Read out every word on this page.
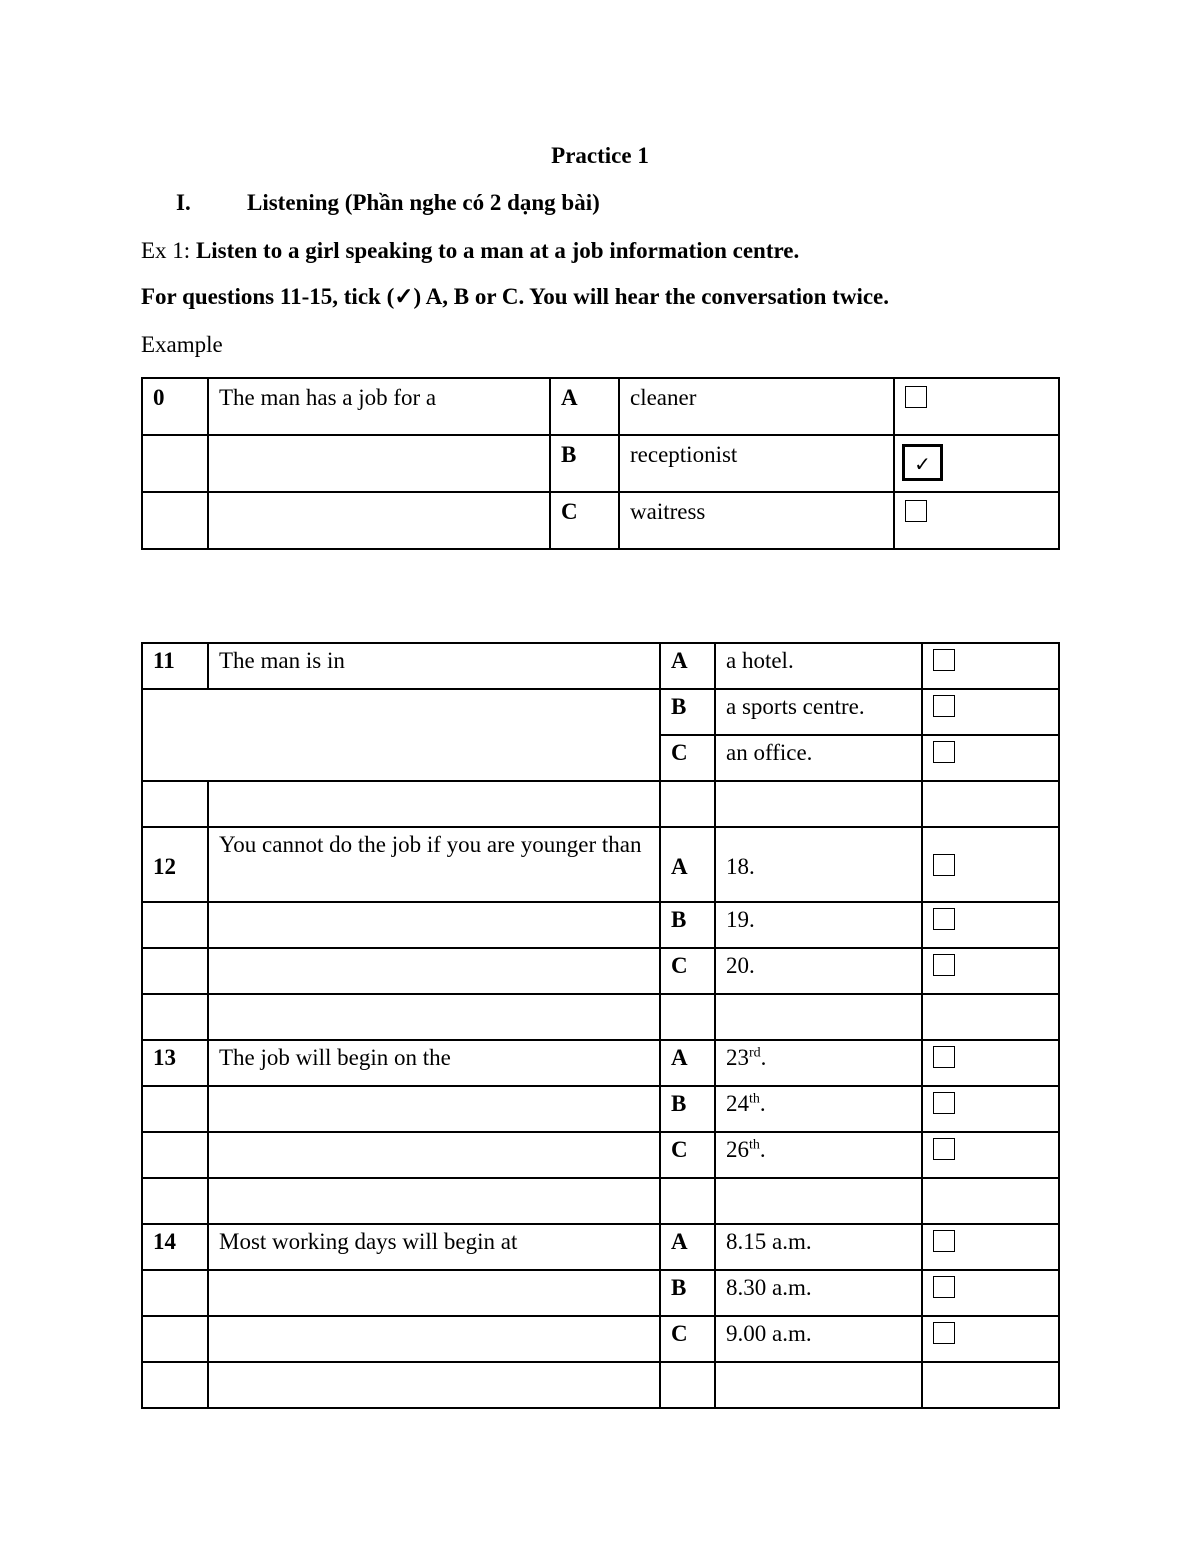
Practice 1
I. Listening (Phần nghe có 2 dạng bài)
Ex 1: Listen to a girl speaking to a man at a job information centre.
For questions 11-15, tick (✓) A, B or C. You will hear the conversation twice.
Example
0	The man has a job for a	A	cleaner	
		B	receptionist	✓
		C	waitress	
11	The man is in	A	a hotel.	
		B	a sports centre.	
		C	an office.	

12	You cannot do the job if you are younger than	A	18.	
		B	19.	
		C	20.	

13	The job will begin on the	A	23rd.	
		B	24th.	
		C	26th.	

14	Most working days will begin at	A	8.15 a.m.	
		B	8.30 a.m.	
		C	9.00 a.m.	
